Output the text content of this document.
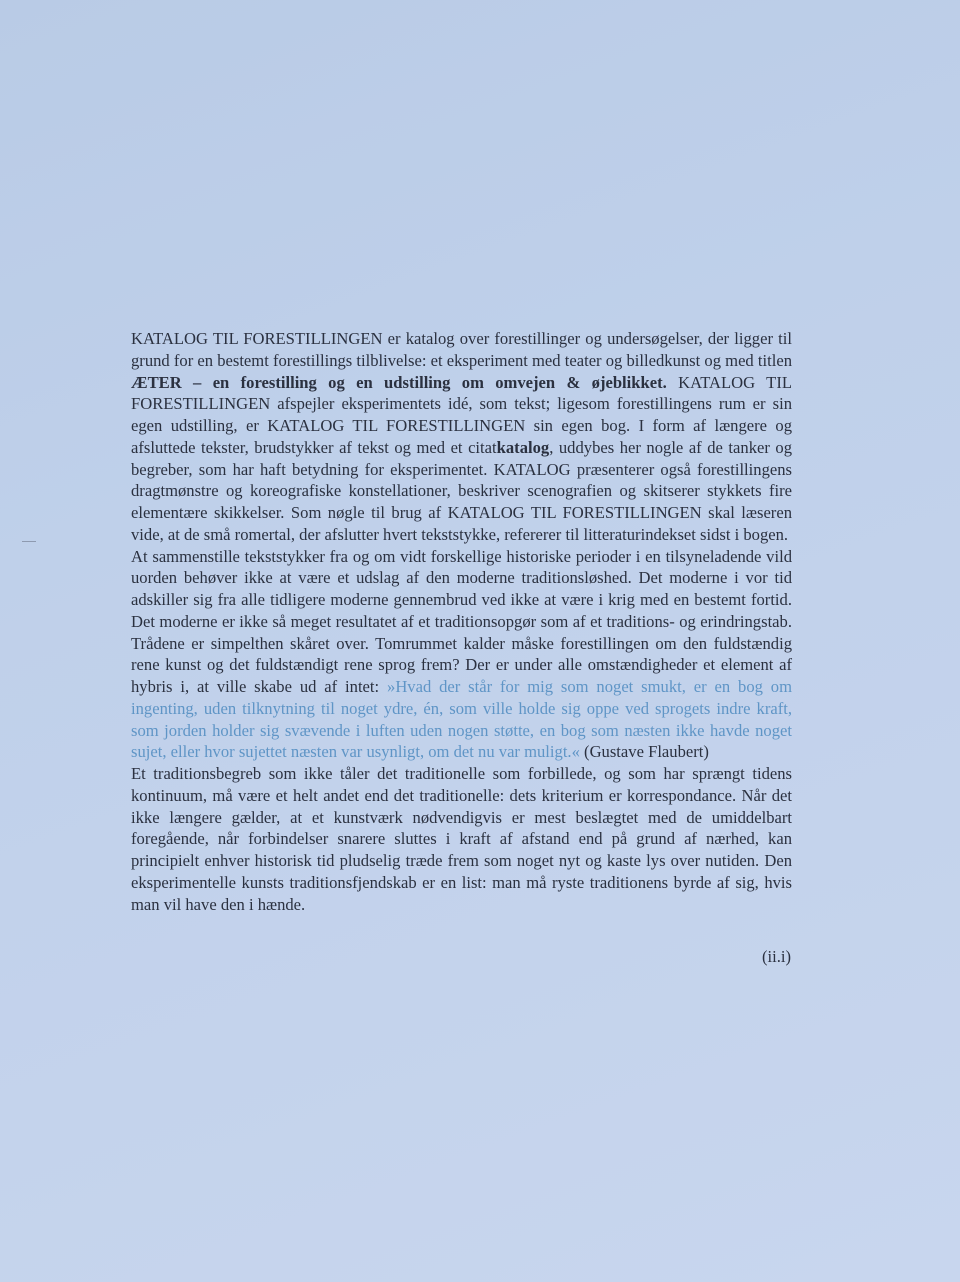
KATALOG TIL FORESTILLINGEN er katalog over forestillinger og undersøgelser, der ligger til grund for en bestemt forestillings tilblivelse: et eksperiment med teater og billedkunst og med titlen ÆTER – en forestilling og en udstilling om omvejen & øjeblikket. KATALOG TIL FORESTILLINGEN afspejler eksperimentets idé, som tekst; ligesom forestillingens rum er sin egen udstilling, er KATALOG TIL FORESTILLINGEN sin egen bog. I form af længere og afsluttede tekster, brudstykker af tekst og med et citatkatalog, uddybes her nogle af de tanker og begreber, som har haft betydning for eksperimentet. KATALOG præsenterer også forestillingens dragtmønstre og koreografiske konstellationer, beskriver scenografien og skitserer stykkets fire elementære skikkelser. Som nøgle til brug af KATALOG TIL FORESTILLINGEN skal læseren vide, at de små romertal, der afslutter hvert tekststykke, refererer til litteraturindekset sidst i bogen.

At sammenstille tekststykker fra og om vidt forskellige historiske perioder i en tilsyneladende vild uorden behøver ikke at være et udslag af den moderne traditionsløshed. Det moderne i vor tid adskiller sig fra alle tidligere moderne gennembrud ved ikke at være i krig med en bestemt fortid. Det moderne er ikke så meget resultatet af et traditionsopgør som af et traditions- og erindringstab. Trådene er simpelthen skåret over. Tomrummet kalder måske forestillingen om den fuldstændig rene kunst og det fuldstændigt rene sprog frem? Der er under alle omstændigheder et element af hybris i, at ville skabe ud af intet: »Hvad der står for mig som noget smukt, er en bog om ingenting, uden tilknytning til noget ydre, én, som ville holde sig oppe ved sprogets indre kraft, som jorden holder sig svævende i luften uden nogen støtte, en bog som næsten ikke havde noget sujet, eller hvor sujettet næsten var usynligt, om det nu var muligt.« (Gustave Flaubert)

Et traditionsbegreb som ikke tåler det traditionelle som forbillede, og som har sprængt tidens kontinuum, må være et helt andet end det traditionelle: dets kriterium er korrespondance. Når det ikke længere gælder, at et kunstværk nødvendigvis er mest beslægtet med de umiddelbart foregående, når forbindelser snarere sluttes i kraft af afstand end på grund af nærhed, kan principielt enhver historisk tid pludselig træde frem som noget nyt og kaste lys over nutiden. Den eksperimentelle kunsts traditionsfjendskab er en list: man må ryste traditionens byrde af sig, hvis man vil have den i hænde.

(ii.i)
